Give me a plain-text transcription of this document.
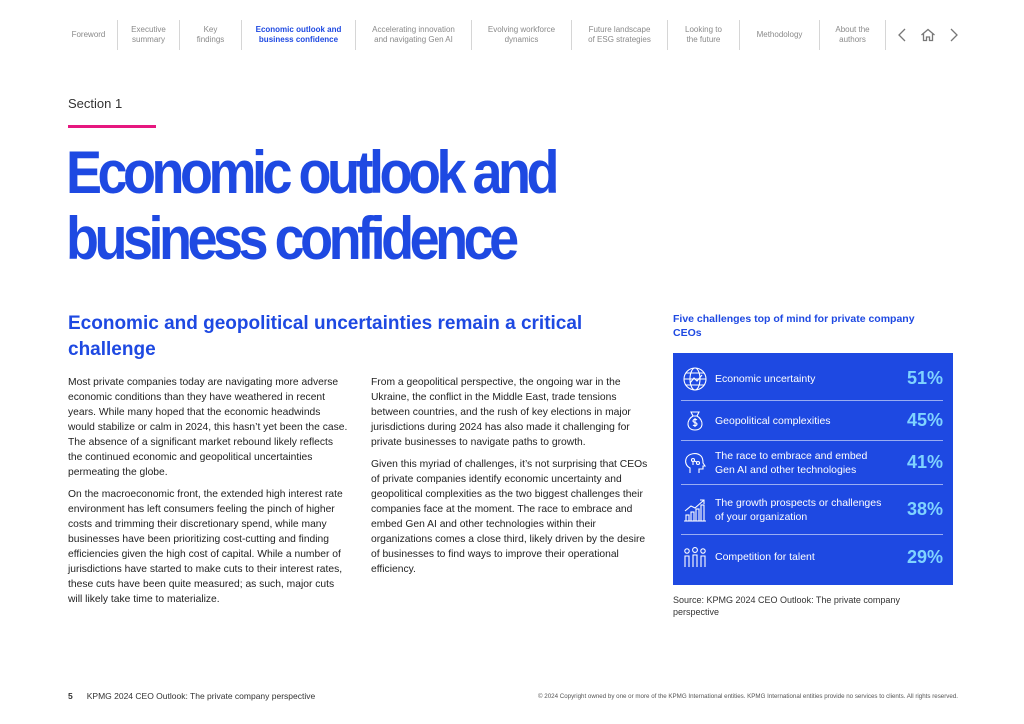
Foreword
Executive
summary
Key
findings
Economic outlook and
business confidence
Accelerating innovation
and navigating Gen AI
Evolving workforce
dynamics
Future landscape
of ESG strategies
Looking to
the future
Methodology
About the
authors
Section 1
Economic outlook and business confidence
Economic and geopolitical uncertainties remain a critical challenge

Most private companies today are navigating more adverse economic conditions than they have weathered in recent years. While many hoped that the economic headwinds would stabilize or calm in 2024, this hasn’t yet been the case. The absence of a significant market rebound likely reflects the continued economic and geopolitical uncertainties permeating the globe.

On the macroeconomic front, the extended high interest rate environment has left consumers feeling the pinch of higher costs and trimming their discretionary spend, while many businesses have been prioritizing cost-cutting and finding efficiencies given the high cost of capital. While a number of jurisdictions have started to make cuts to their interest rates, these cuts have been quite measured; as such, major cuts will likely take time to materialize.

From a geopolitical perspective, the ongoing war in the Ukraine, the conflict in the Middle East, trade tensions between countries, and the rush of key elections in major jurisdictions during 2024 has also made it challenging for private businesses to navigate paths to growth.

Given this myriad of challenges, it’s not surprising that CEOs of private companies identify economic uncertainty and geopolitical complexities as the two biggest challenges their companies face at the moment. The race to embrace and embed Gen AI and other technologies within their organizations comes a close third, likely driven by the desire of businesses to find ways to improve their operational efficiency.

Five challenges top of mind for private company CEOs
Economic uncertainty	51%
Geopolitical complexities	45%
The race to embrace and embed Gen AI and other technologies	41%
The growth prospects or challenges of your organization	38%
Competition for talent	29%
Source: KPMG 2024 CEO Outlook: The private company perspective
5 KPMG 2024 CEO Outlook: The private company perspective	© 2024 Copyright owned by one or more of the KPMG International entities. KPMG International entities provide no services to clients. All rights reserved.
